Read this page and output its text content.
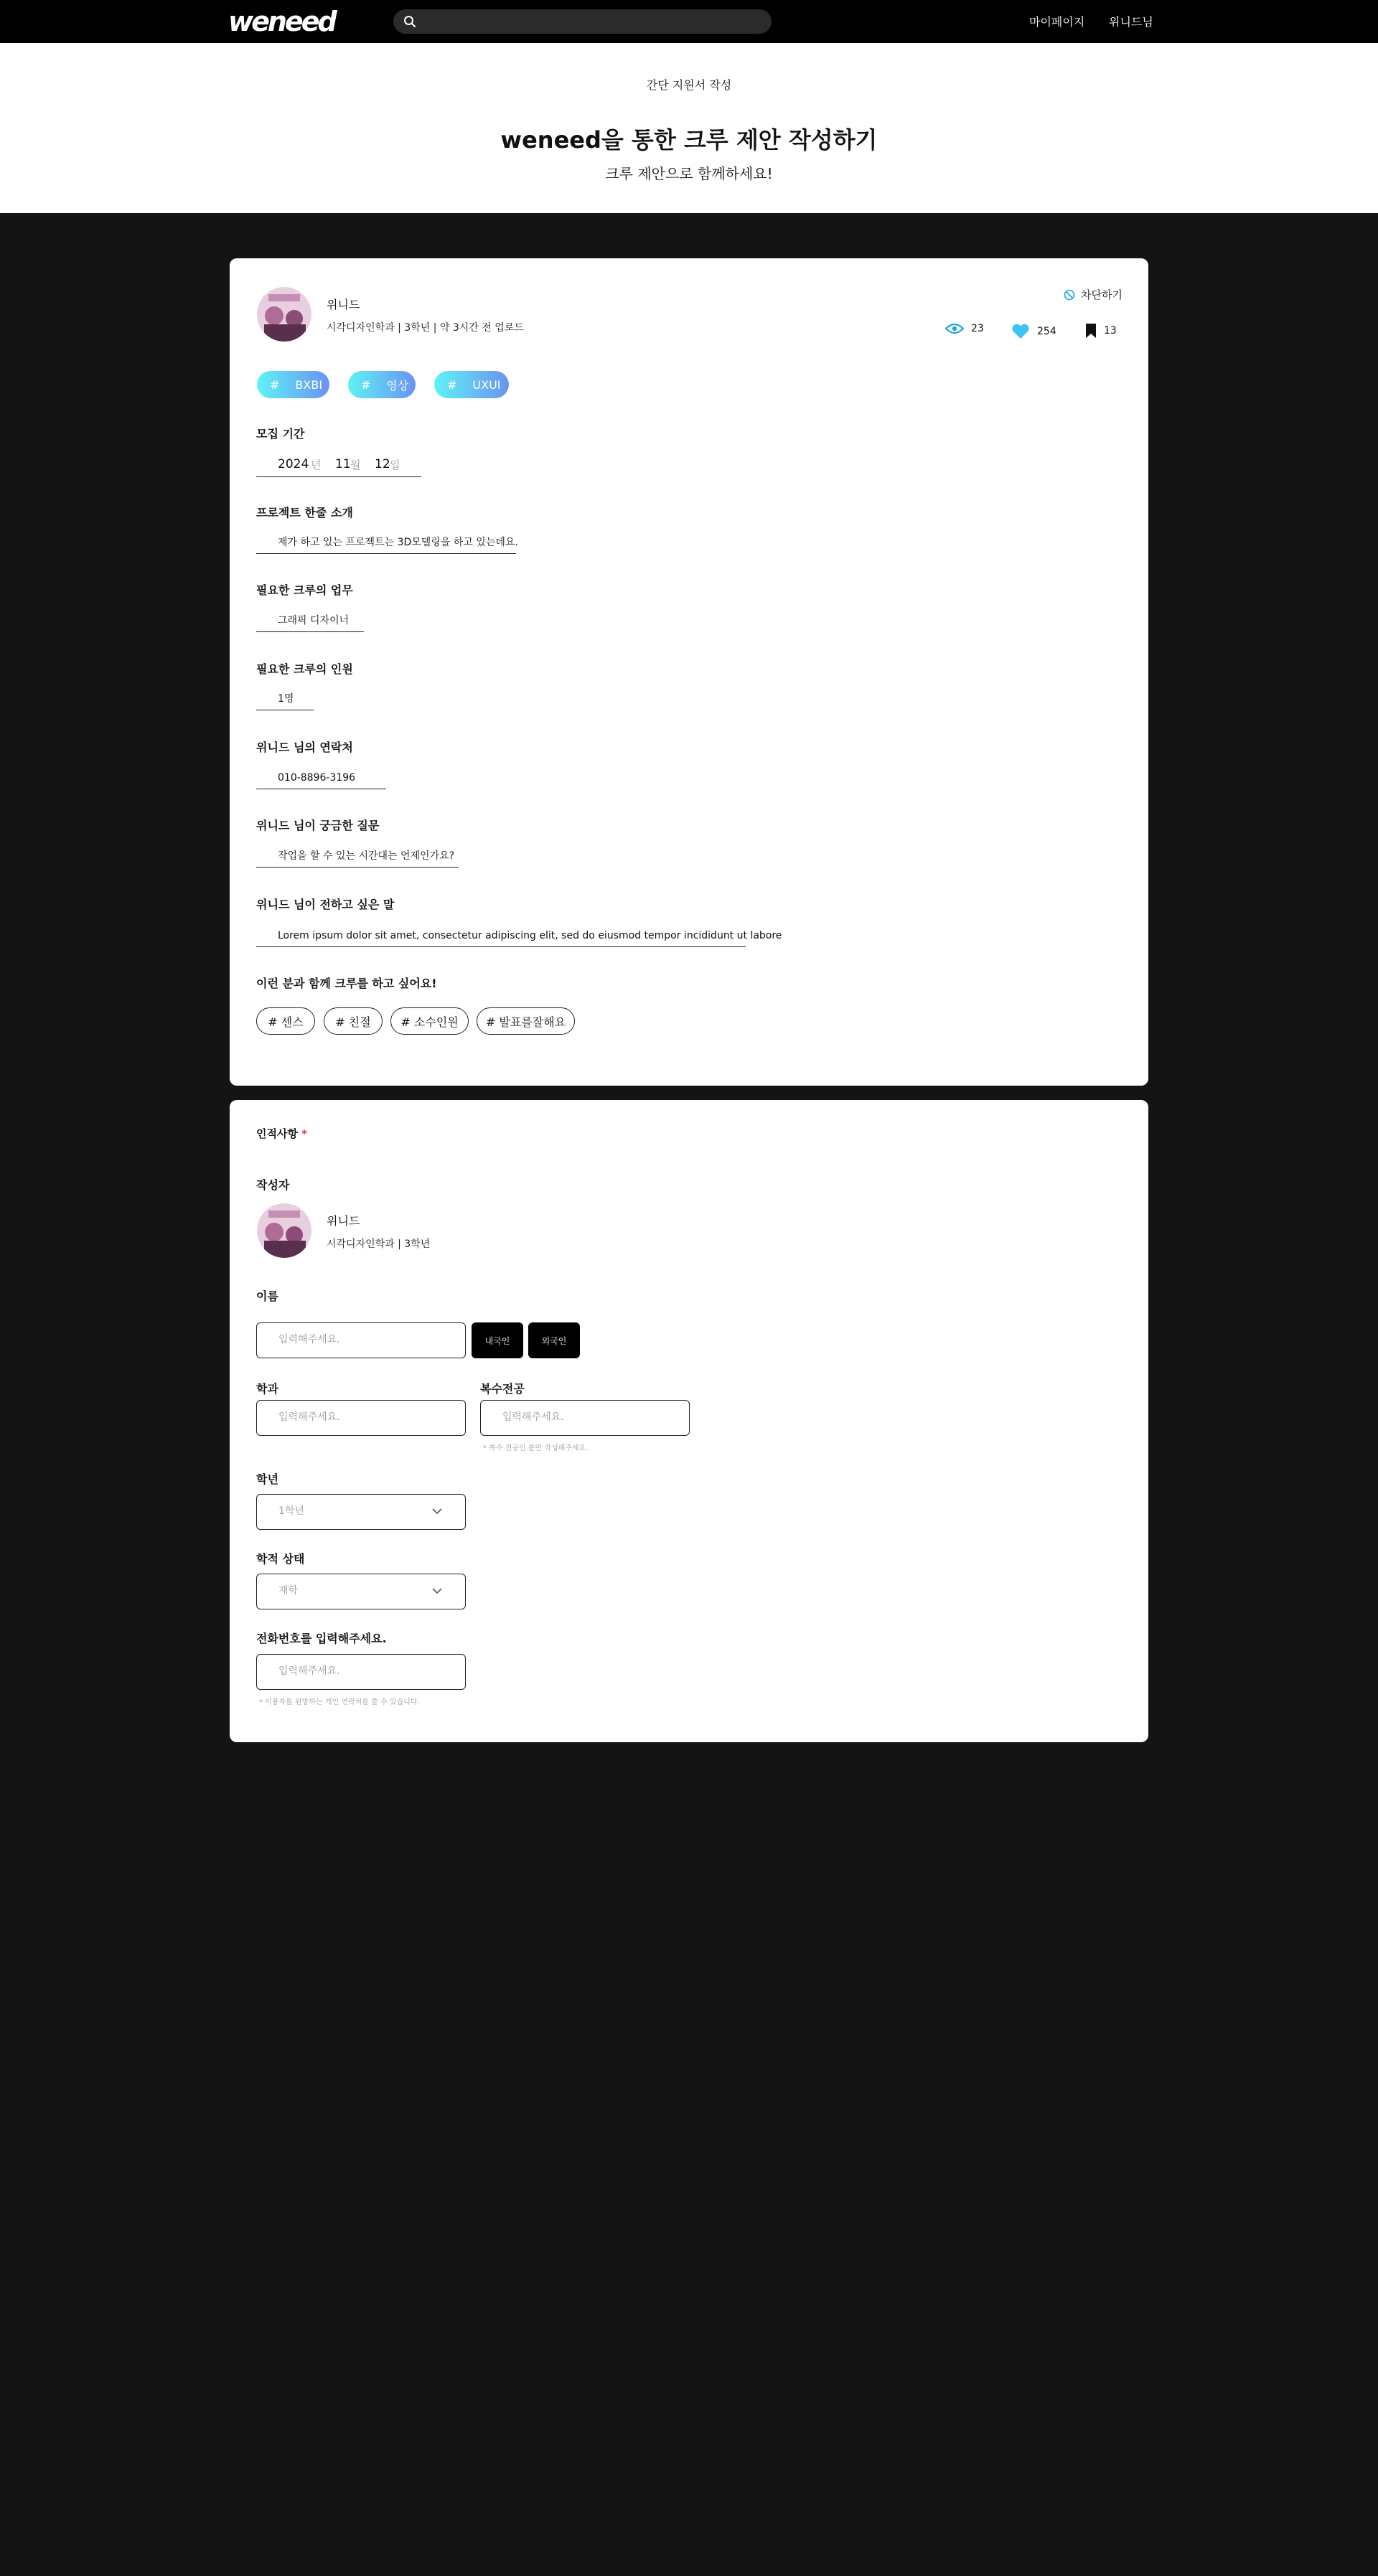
weneed	마이페이지 위니드님
간단 지원서 작성
weneed을 통한 크루 제안 작성하기
크루 제안으로 함께하세요!
위니드
시각디자인학과 | 3학년 | 약 3시간 전 업로드
차단하기
23	254	13
# BXBI	# 영상	# UXUI
모집 기간
2024 년 11 월 12 일
프로젝트 한줄 소개
제가 하고 있는 프로젝트는 3D모델링을 하고 있는데요.
필요한 크루의 업무
그래픽 디자이너
필요한 크루의 인원
1명
위니드 님의 연락처
010-8896-3196
위니드 님이 궁금한 질문
작업을 할 수 있는 시간대는 언제인가요?
위니드 님이 전하고 싶은 말
Lorem ipsum dolor sit amet, consectetur adipiscing elit, sed do eiusmod tempor incididunt ut labore
이런 분과 함께 크루를 하고 싶어요!
# 센스	# 친절	# 소수인원	# 발표를잘해요
인적사항 *
작성자
위니드
시각디자인학과 | 3학년
이름
입력해주세요.	내국인	외국인
학과
입력해주세요.
복수전공
입력해주세요.
* 복수 전공인 분만 작성해주세요.
학년
1학년
학적 상태
재학
전화번호를 입력해주세요.
입력해주세요.
* 이용자를 원망하는 개인 연락처를 쓸 수 있습니다.
